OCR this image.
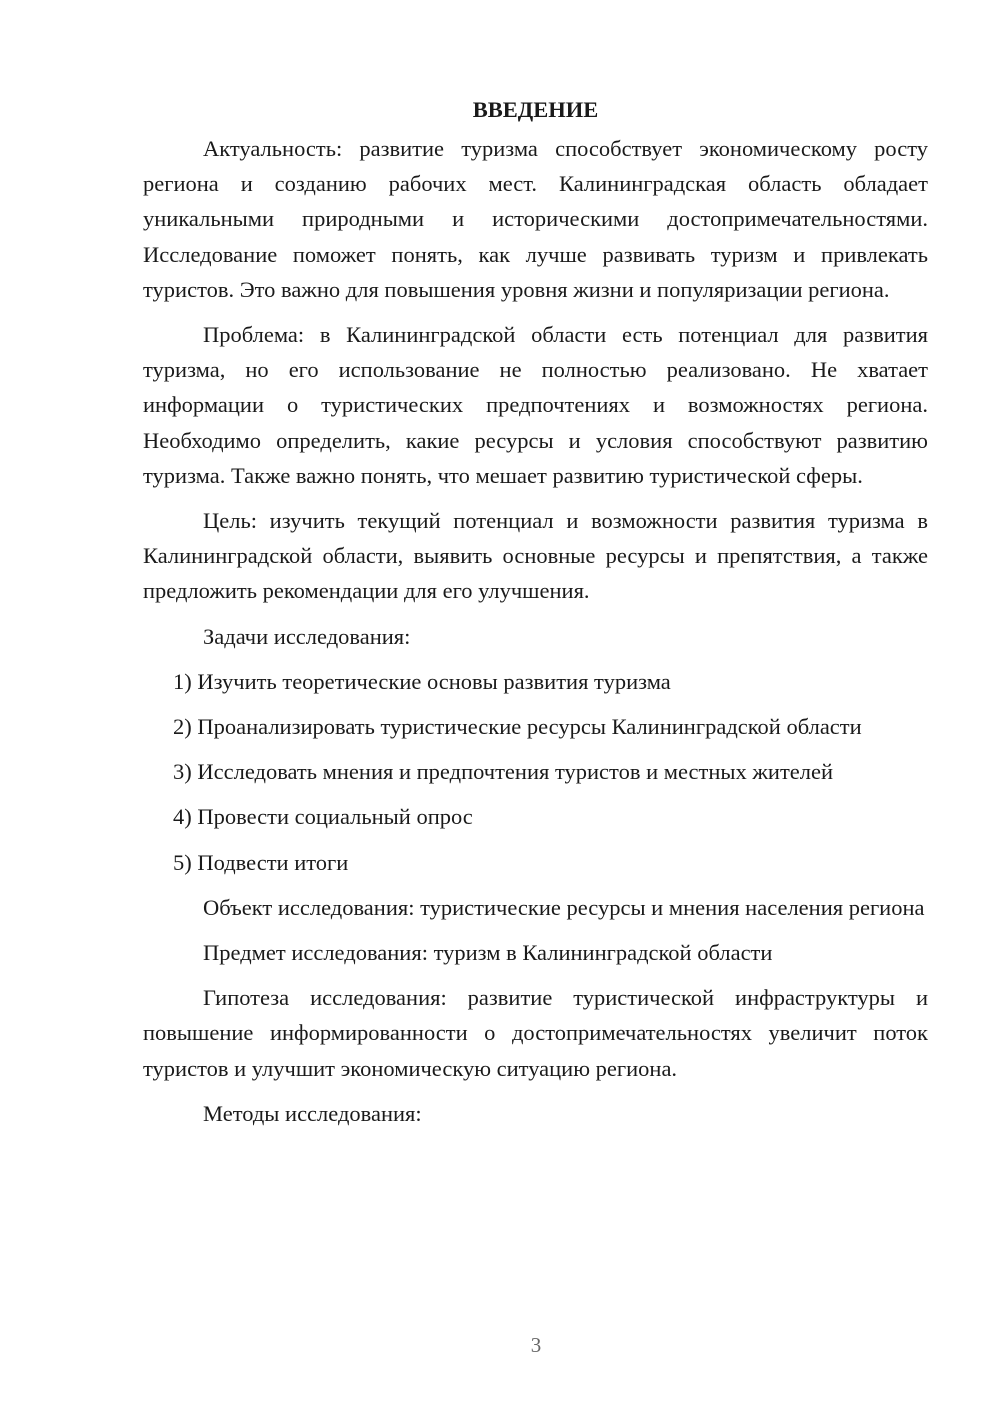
ВВЕДЕНИЕ

Актуальность: развитие туризма способствует экономическому росту региона и созданию рабочих мест. Калининградская область обладает уникальными природными и историческими достопримечательностями. Исследование поможет понять, как лучше развивать туризм и привлекать туристов. Это важно для повышения уровня жизни и популяризации региона.

Проблема: в Калининградской области есть потенциал для развития туризма, но его использование не полностью реализовано. Не хватает информации о туристических предпочтениях и возможностях региона. Необходимо определить, какие ресурсы и условия способствуют развитию туризма. Также важно понять, что мешает развитию туристической сферы.

Цель: изучить текущий потенциал и возможности развития туризма в Калининградской области, выявить основные ресурсы и препятствия, а также предложить рекомендации для его улучшения.

Задачи исследования:

1) Изучить теоретические основы развития туризма
2) Проанализировать туристические ресурсы Калининградской области
3) Исследовать мнения и предпочтения туристов и местных жителей
4) Провести социальный опрос
5) Подвести итоги

Объект исследования: туристические ресурсы и мнения населения региона

Предмет исследования: туризм в Калининградской области

Гипотеза исследования: развитие туристической инфраструктуры и повышение информированности о достопримечательностях увеличит поток туристов и улучшит экономическую ситуацию региона.

Методы исследования:

3
